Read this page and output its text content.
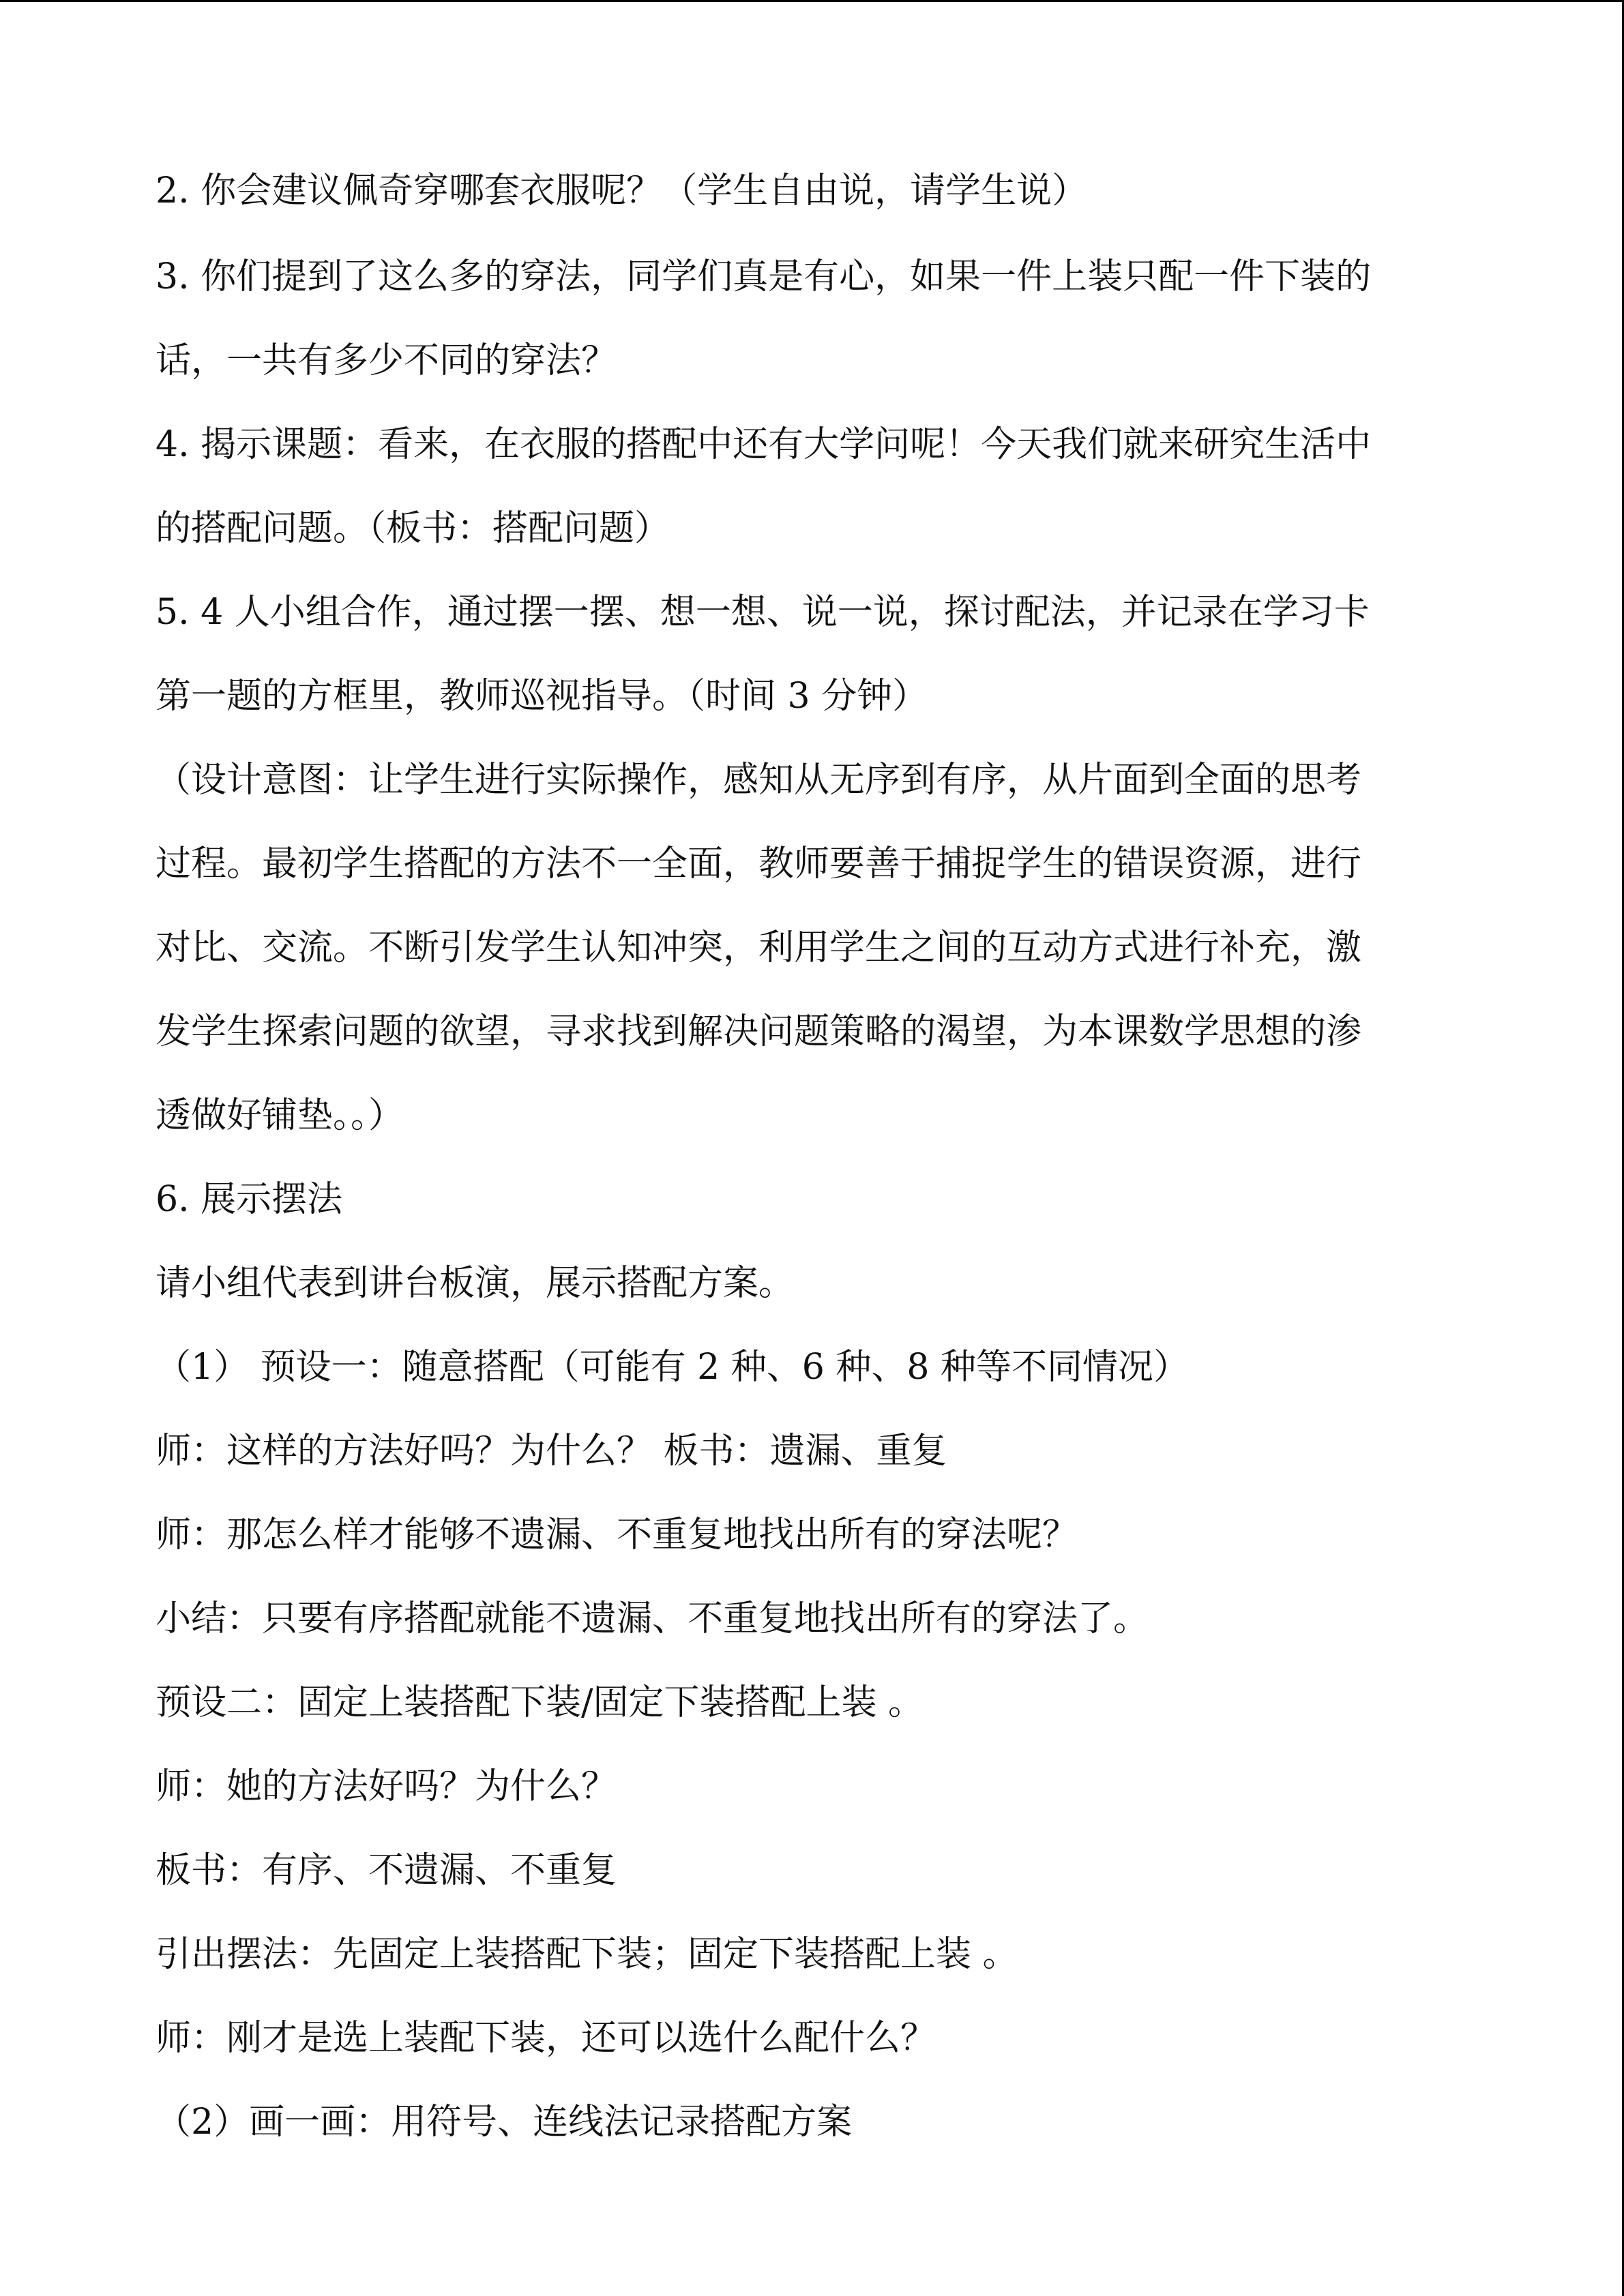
2. 你会建议佩奇穿哪套衣服呢？（学生自由说，请学生说）
3. 你们提到了这么多的穿法，同学们真是有心，如果一件上装只配一件下装的
话，一共有多少不同的穿法？
4. 揭示课题：看来，在衣服的搭配中还有大学问呢！今天我们就来研究生活中
的搭配问题。（板书：搭配问题）
5. 4 人小组合作，通过摆一摆、想一想、说一说，探讨配法，并记录在学习卡
第一题的方框里，教师巡视指导。（时间 3 分钟）
（设计意图：让学生进行实际操作，感知从无序到有序，从片面到全面的思考
过程。最初学生搭配的方法不一全面，教师要善于捕捉学生的错误资源，进行
对比、交流。不断引发学生认知冲突，利用学生之间的互动方式进行补充，激
发学生探索问题的欲望，寻求找到解决问题策略的渴望，为本课数学思想的渗
透做好铺垫。。）
6. 展示摆法
请小组代表到讲台板演，展示搭配方案。
（1） 预设一：随意搭配（可能有 2 种、6 种、8 种等不同情况）
师：这样的方法好吗？为什么？ 板书：遗漏、重复
师：那怎么样才能够不遗漏、不重复地找出所有的穿法呢？
小结：只要有序搭配就能不遗漏、不重复地找出所有的穿法了。
预设二：固定上装搭配下装/固定下装搭配上装 。
师：她的方法好吗？为什么？
板书：有序、不遗漏、不重复
引出摆法：先固定上装搭配下装；固定下装搭配上装 。
师：刚才是选上装配下装，还可以选什么配什么？
（2）画一画：用符号、连线法记录搭配方案
